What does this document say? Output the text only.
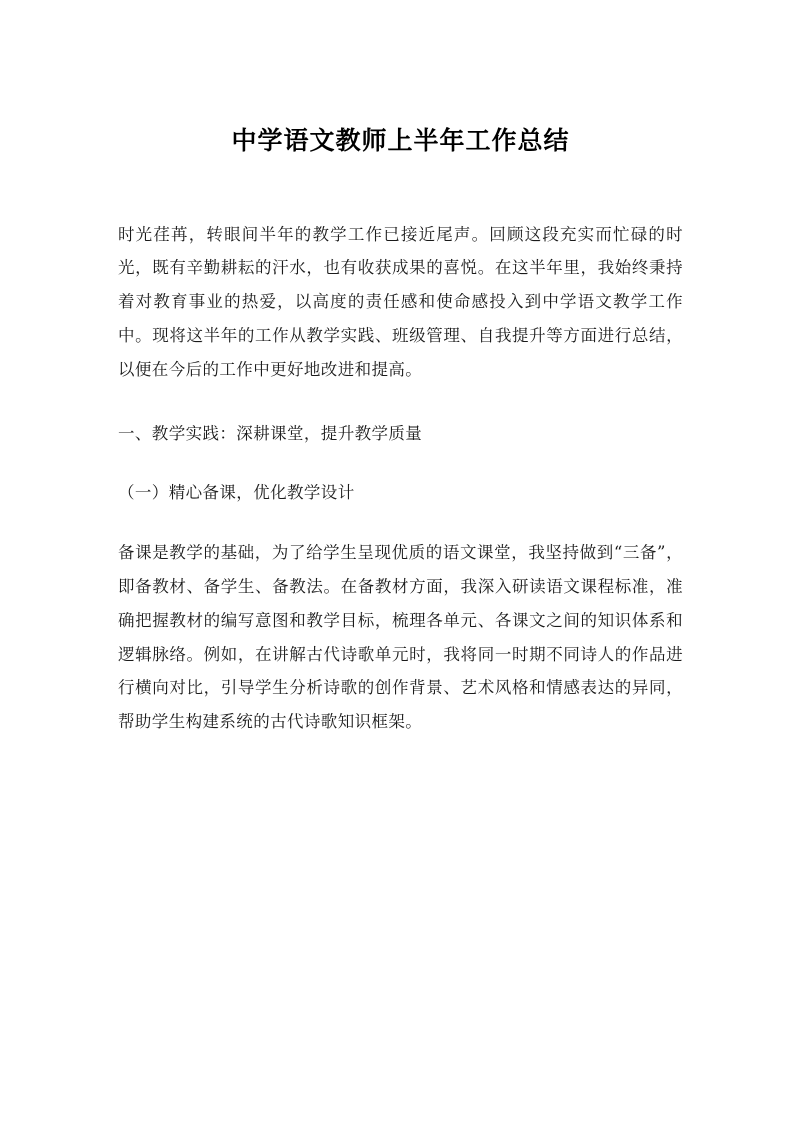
中学语文教师上半年工作总结

时光荏苒，转眼间半年的教学工作已接近尾声。回顾这段充实而忙碌的时光，既有辛勤耕耘的汗水，也有收获成果的喜悦。在这半年里，我始终秉持着对教育事业的热爱，以高度的责任感和使命感投入到中学语文教学工作中。现将这半年的工作从教学实践、班级管理、自我提升等方面进行总结，以便在今后的工作中更好地改进和提高。

一、教学实践：深耕课堂，提升教学质量

（一）精心备课，优化教学设计

备课是教学的基础，为了给学生呈现优质的语文课堂，我坚持做到“三备”，即备教材、备学生、备教法。在备教材方面，我深入研读语文课程标准，准确把握教材的编写意图和教学目标，梳理各单元、各课文之间的知识体系和逻辑脉络。例如，在讲解古代诗歌单元时，我将同一时期不同诗人的作品进行横向对比，引导学生分析诗歌的创作背景、艺术风格和情感表达的异同，帮助学生构建系统的古代诗歌知识框架。
